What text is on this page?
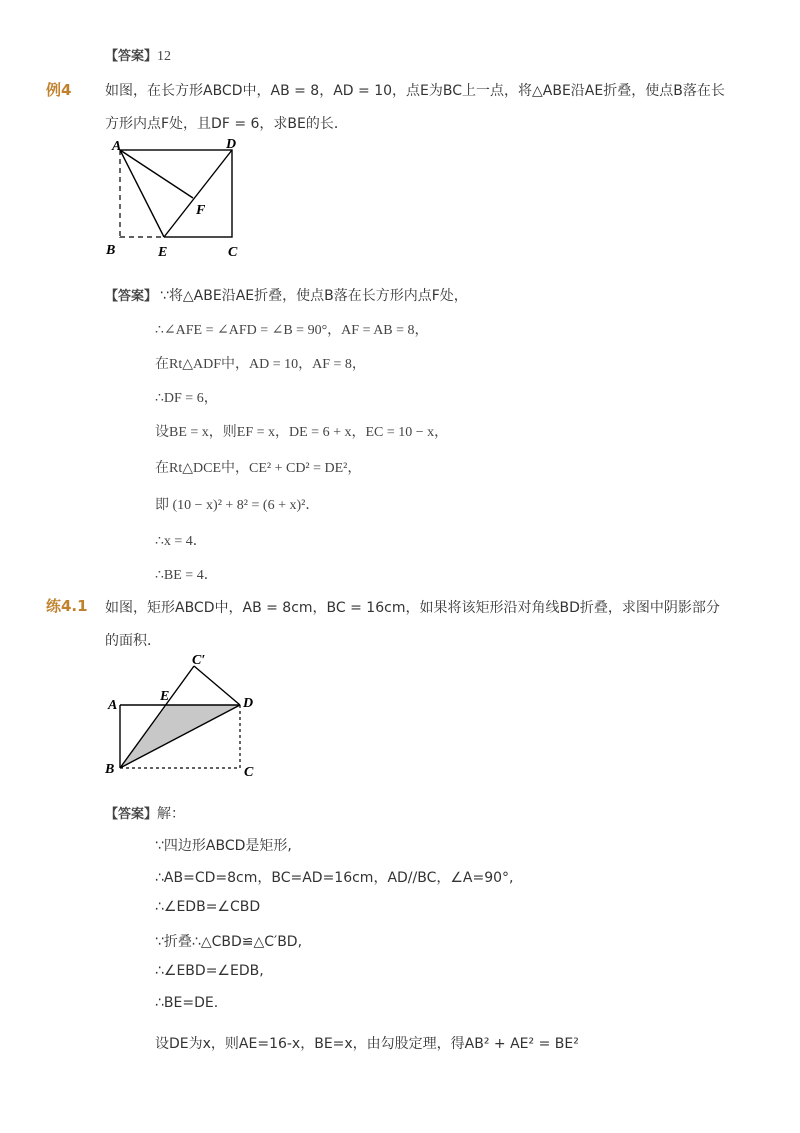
【答案】12
例4 如图，在长方形ABCD中，AB = 8，AD = 10，点E为BC上一点，将△ABE沿AE折叠，使点B落在长
方形内点F处，且DF = 6，求BE的长．
A	D
F
B	E	C
【答案】 ∵将△ABE沿AE折叠，使点B落在长方形内点F处，
∴∠AFE = ∠AFD = ∠B = 90°，AF = AB = 8，
在Rt△ADF中，AD = 10，AF = 8，
∴DF = 6，
设BE = x，则EF = x，DE = 6 + x，EC = 10 − x，
在Rt△DCE中，CE² + CD² = DE²，
即 (10 − x)² + 8² = (6 + x)²．
∴x = 4．
∴BE = 4．
练4.1 如图，矩形ABCD中，AB = 8cm，BC = 16cm，如果将该矩形沿对角线BD折叠，求图中阴影部分
的面积．
C′
E
A	D
B	C
【答案】解：
∵四边形ABCD是矩形,
∴AB=CD=8cm，BC=AD=16cm，AD//BC，∠A=90°,
∴∠EDB=∠CBD
∵折叠∴△CBD≌△C′BD,
∴∠EBD=∠EDB,
∴BE=DE.
设DE为x，则AE=16-x，BE=x，由勾股定理，得AB² + AE² = BE²
